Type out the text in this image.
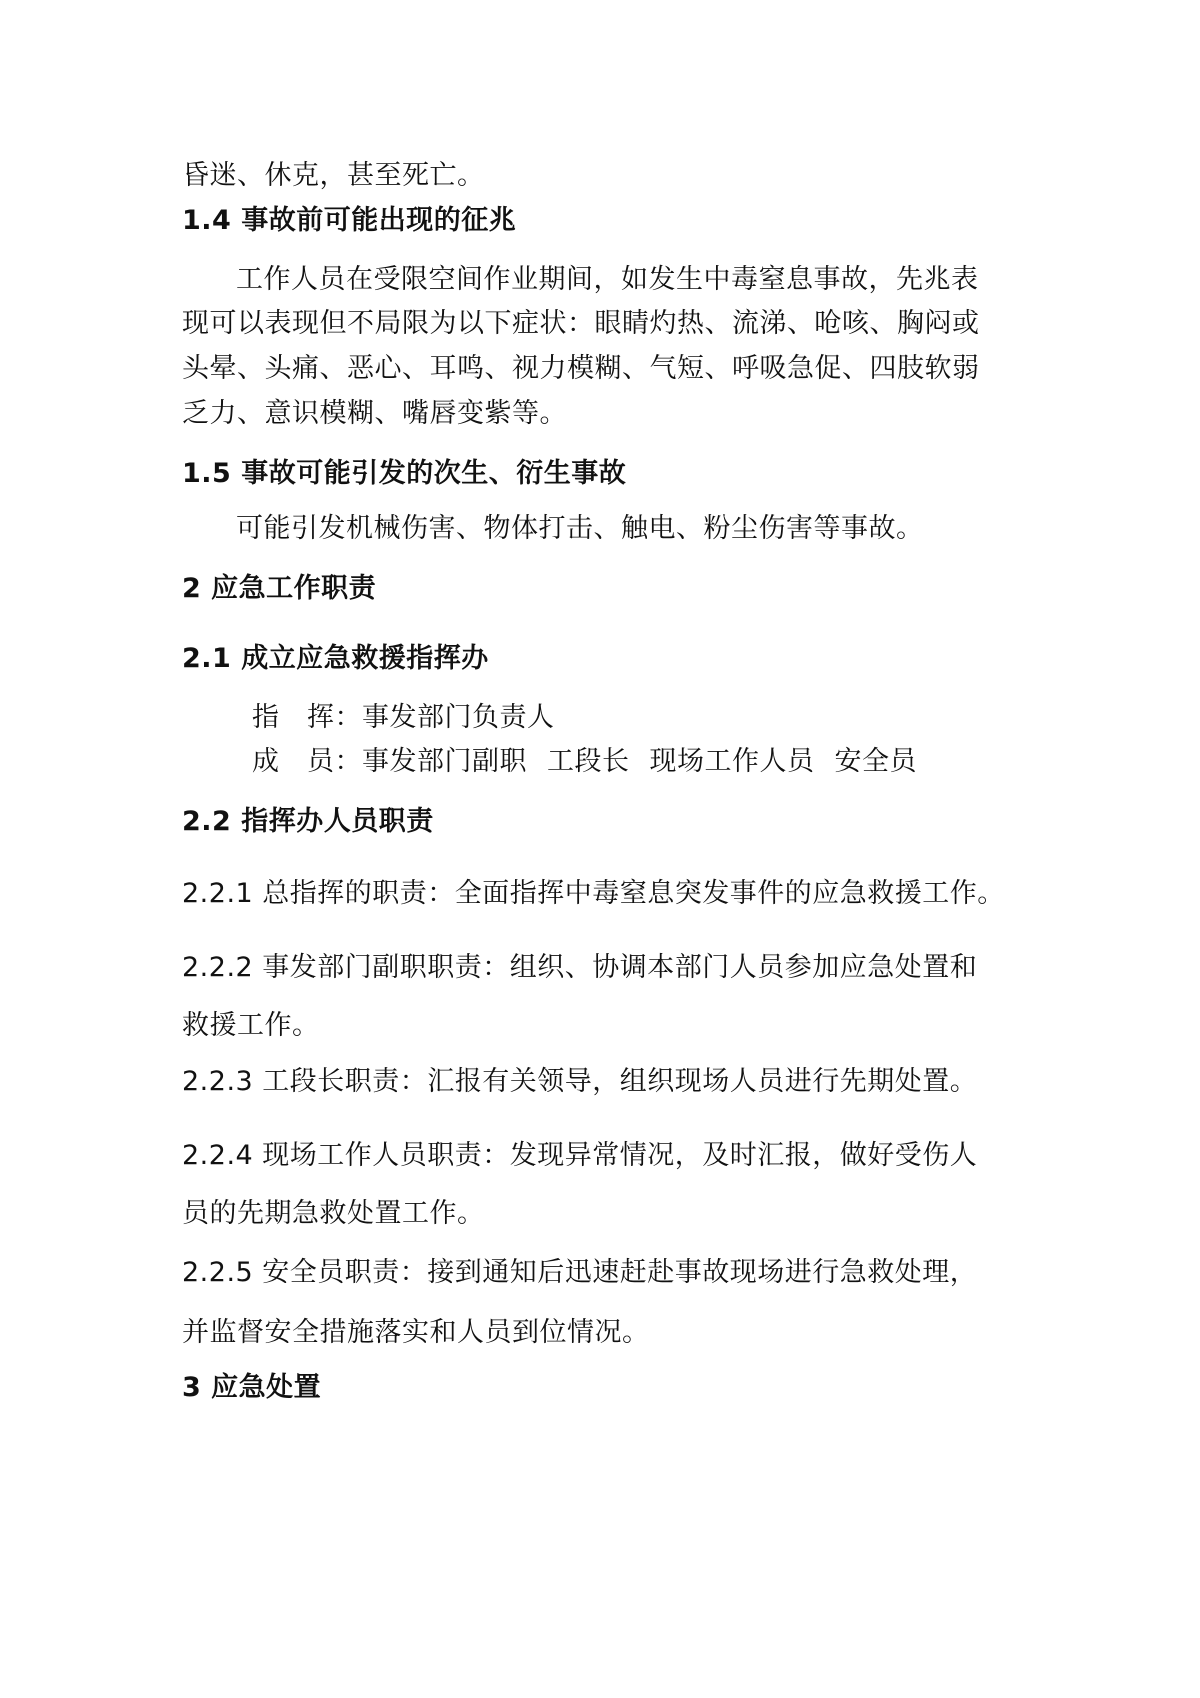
昏迷、休克，甚至死亡。
1.4 事故前可能出现的征兆
工作人员在受限空间作业期间，如发生中毒窒息事故，先兆表
现可以表现但不局限为以下症状：眼睛灼热、流涕、呛咳、胸闷或
头晕、头痛、恶心、耳鸣、视力模糊、气短、呼吸急促、四肢软弱
乏力、意识模糊、嘴唇变紫等。
1.5 事故可能引发的次生、衍生事故
可能引发机械伤害、物体打击、触电、粉尘伤害等事故。
2 应急工作职责
2.1 成立应急救援指挥办
指　挥：事发部门负责人
成　员：事发部门副职 工段长 现场工作人员 安全员
2.2 指挥办人员职责
2.2.1 总指挥的职责：全面指挥中毒窒息突发事件的应急救援工作。
2.2.2 事发部门副职职责：组织、协调本部门人员参加应急处置和
救援工作。
2.2.3 工段长职责：汇报有关领导，组织现场人员进行先期处置。
2.2.4 现场工作人员职责：发现异常情况，及时汇报，做好受伤人
员的先期急救处置工作。
2.2.5 安全员职责：接到通知后迅速赶赴事故现场进行急救处理，
并监督安全措施落实和人员到位情况。
3 应急处置
